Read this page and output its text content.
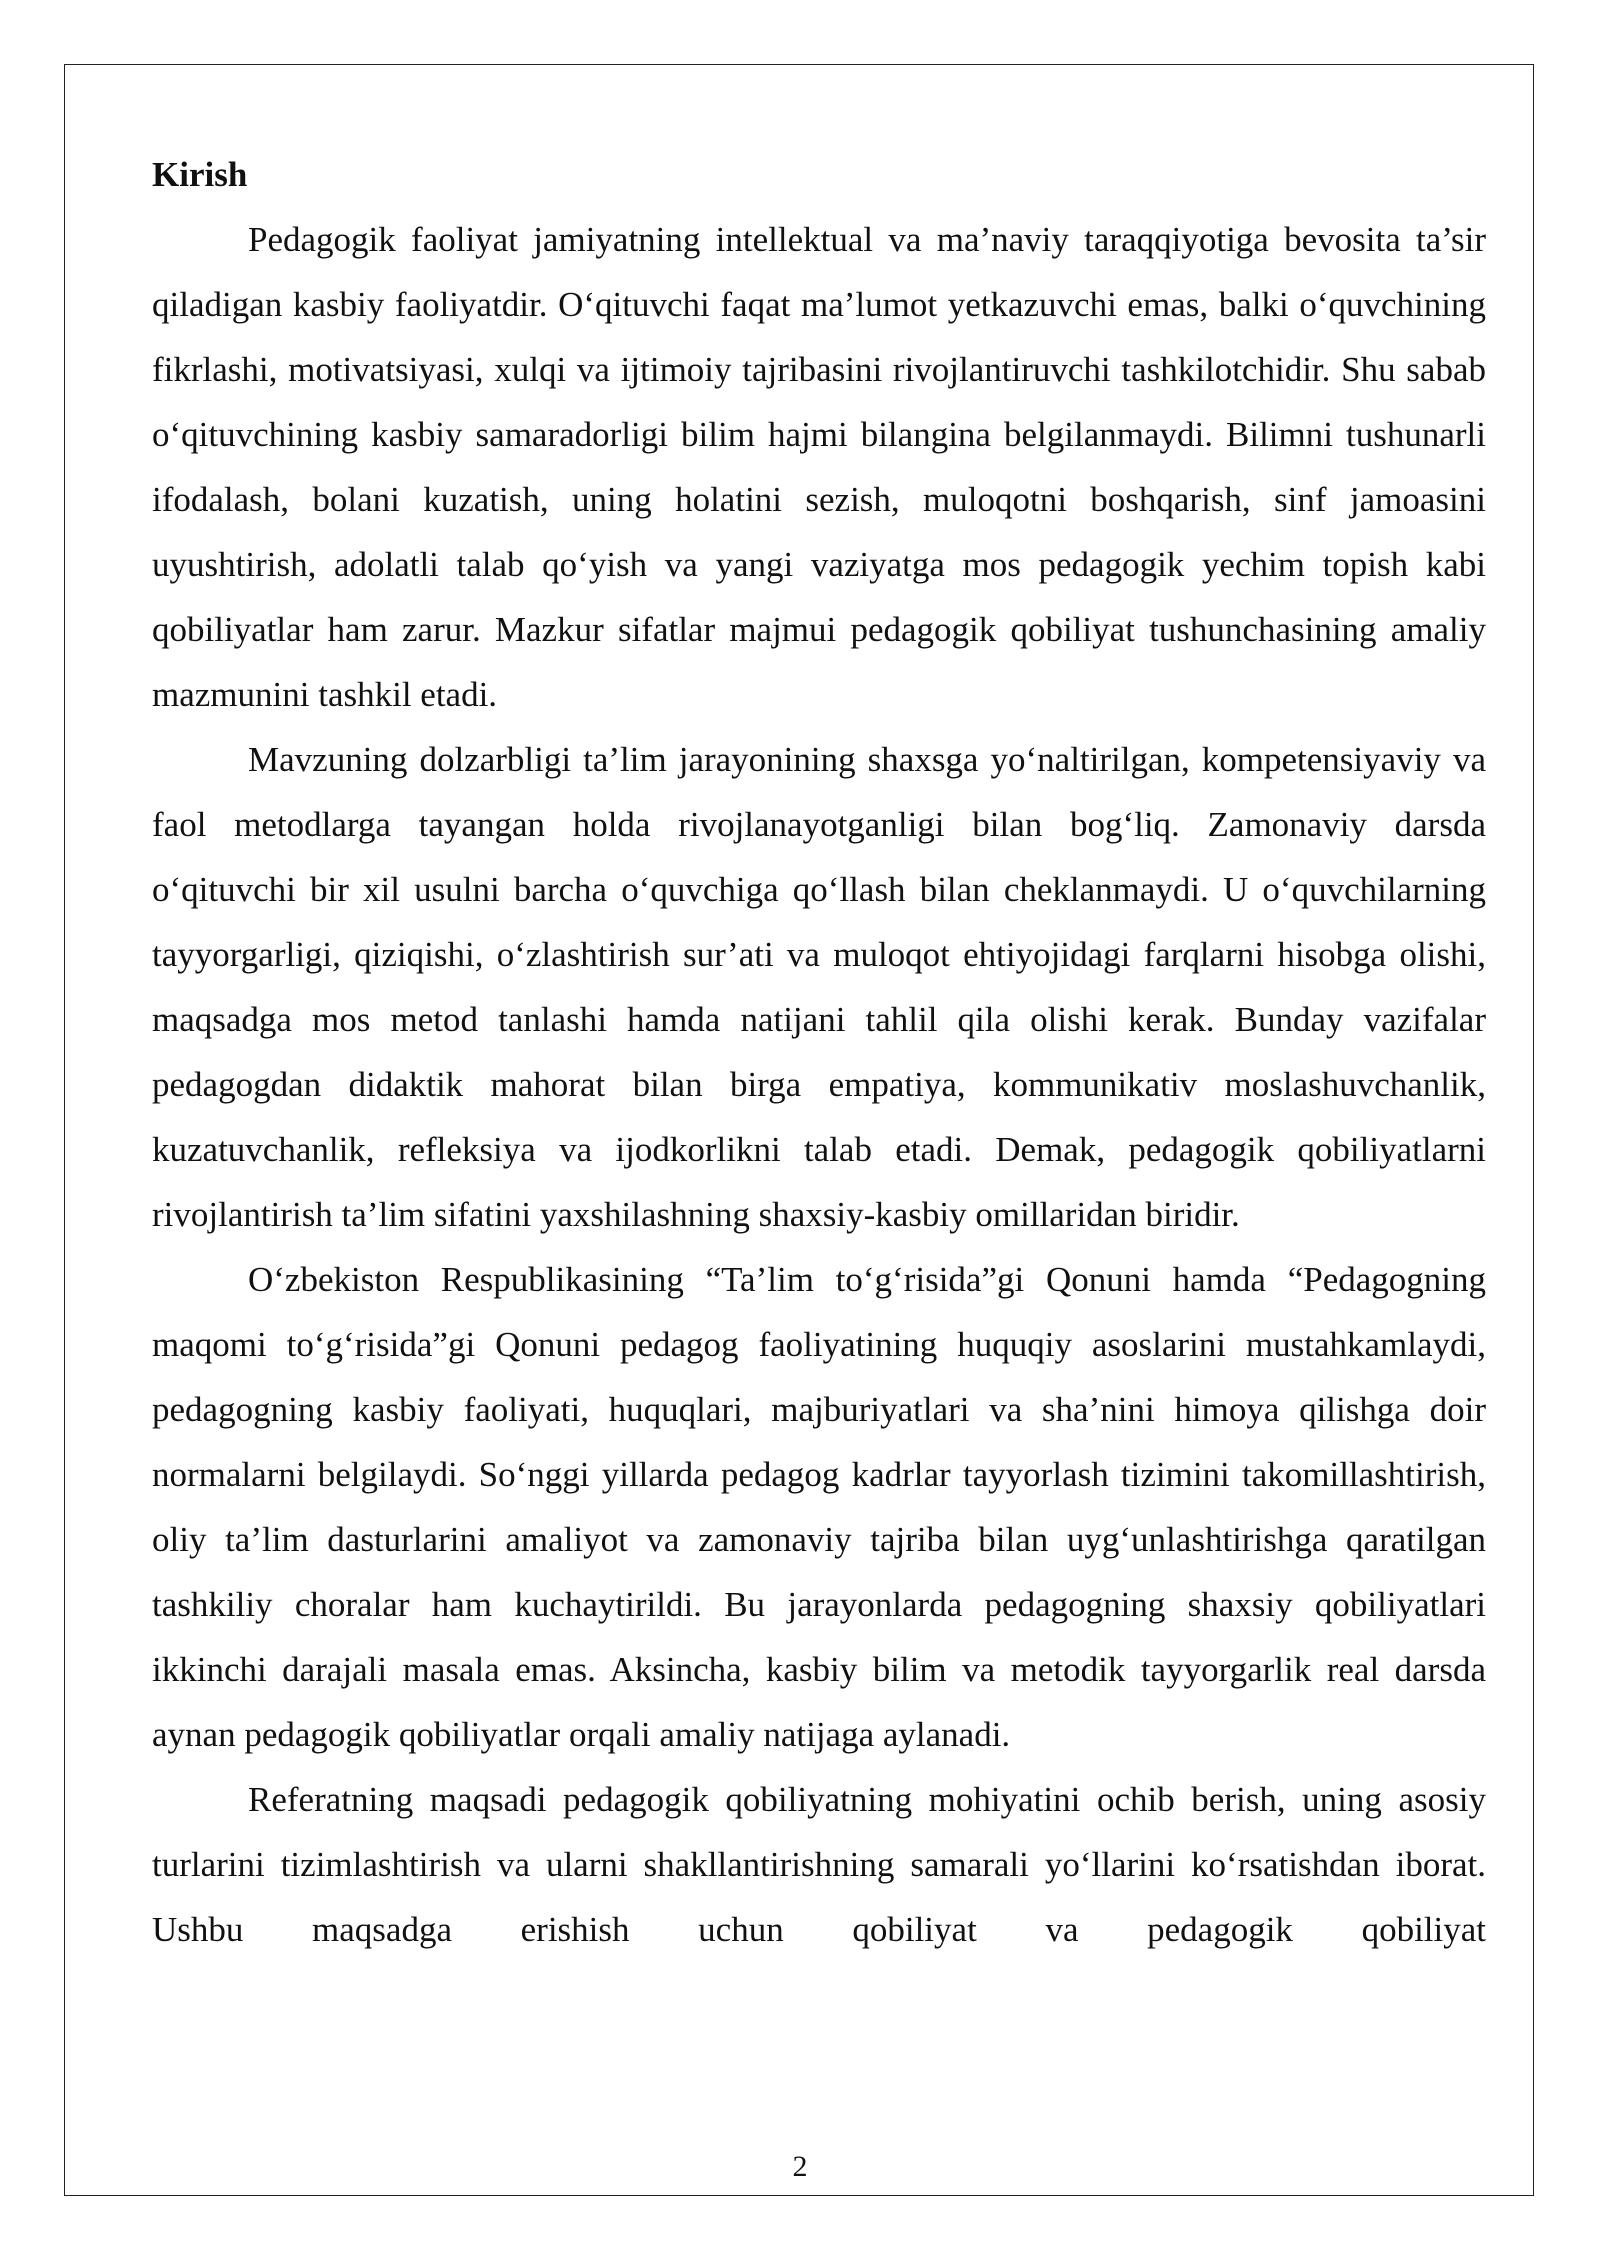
Kirish

Pedagogik faoliyat jamiyatning intellektual va ma’naviy taraqqiyotiga bevosita ta’sir qiladigan kasbiy faoliyatdir. O‘qituvchi faqat ma’lumot yetkazuvchi emas, balki o‘quvchining fikrlashi, motivatsiyasi, xulqi va ijtimoiy tajribasini rivojlantiruvchi tashkilotchidir. Shu sabab o‘qituvchining kasbiy samaradorligi bilim hajmi bilangina belgilanmaydi. Bilimni tushunarli ifodalash, bolani kuzatish, uning holatini sezish, muloqotni boshqarish, sinf jamoasini uyushtirish, adolatli talab qo‘yish va yangi vaziyatga mos pedagogik yechim topish kabi qobiliyatlar ham zarur. Mazkur sifatlar majmui pedagogik qobiliyat tushunchasining amaliy mazmunini tashkil etadi.

Mavzuning dolzarbligi ta’lim jarayonining shaxsga yo‘naltirilgan, kompetensiyaviy va faol metodlarga tayangan holda rivojlanayotganligi bilan bog‘liq. Zamonaviy darsda o‘qituvchi bir xil usulni barcha o‘quvchiga qo‘llash bilan cheklanmaydi. U o‘quvchilarning tayyorgarligi, qiziqishi, o‘zlashtirish sur’ati va muloqot ehtiyojidagi farqlarni hisobga olishi, maqsadga mos metod tanlashi hamda natijani tahlil qila olishi kerak. Bunday vazifalar pedagogdan didaktik mahorat bilan birga empatiya, kommunikativ moslashuvchanlik, kuzatuvchanlik, refleksiya va ijodkorlikni talab etadi. Demak, pedagogik qobiliyatlarni rivojlantirish ta’lim sifatini yaxshilashning shaxsiy-kasbiy omillaridan biridir.

O‘zbekiston Respublikasining “Ta’lim to‘g‘risida”gi Qonuni hamda “Pedagogning maqomi to‘g‘risida”gi Qonuni pedagog faoliyatining huquqiy asoslarini mustahkamlaydi, pedagogning kasbiy faoliyati, huquqlari, majburiyatlari va sha’nini himoya qilishga doir normalarni belgilaydi. So‘nggi yillarda pedagog kadrlar tayyorlash tizimini takomillashtirish, oliy ta’lim dasturlarini amaliyot va zamonaviy tajriba bilan uyg‘unlashtirishga qaratilgan tashkiliy choralar ham kuchaytirildi. Bu jarayonlarda pedagogning shaxsiy qobiliyatlari ikkinchi darajali masala emas. Aksincha, kasbiy bilim va metodik tayyorgarlik real darsda aynan pedagogik qobiliyatlar orqali amaliy natijaga aylanadi.

Referatning maqsadi pedagogik qobiliyatning mohiyatini ochib berish, uning asosiy turlarini tizimlashtirish va ularni shakllantirishning samarali yo‘llarini ko‘rsatishdan iborat. Ushbu maqsadga erishish uchun qobiliyat va pedagogik qobiliyat

2
